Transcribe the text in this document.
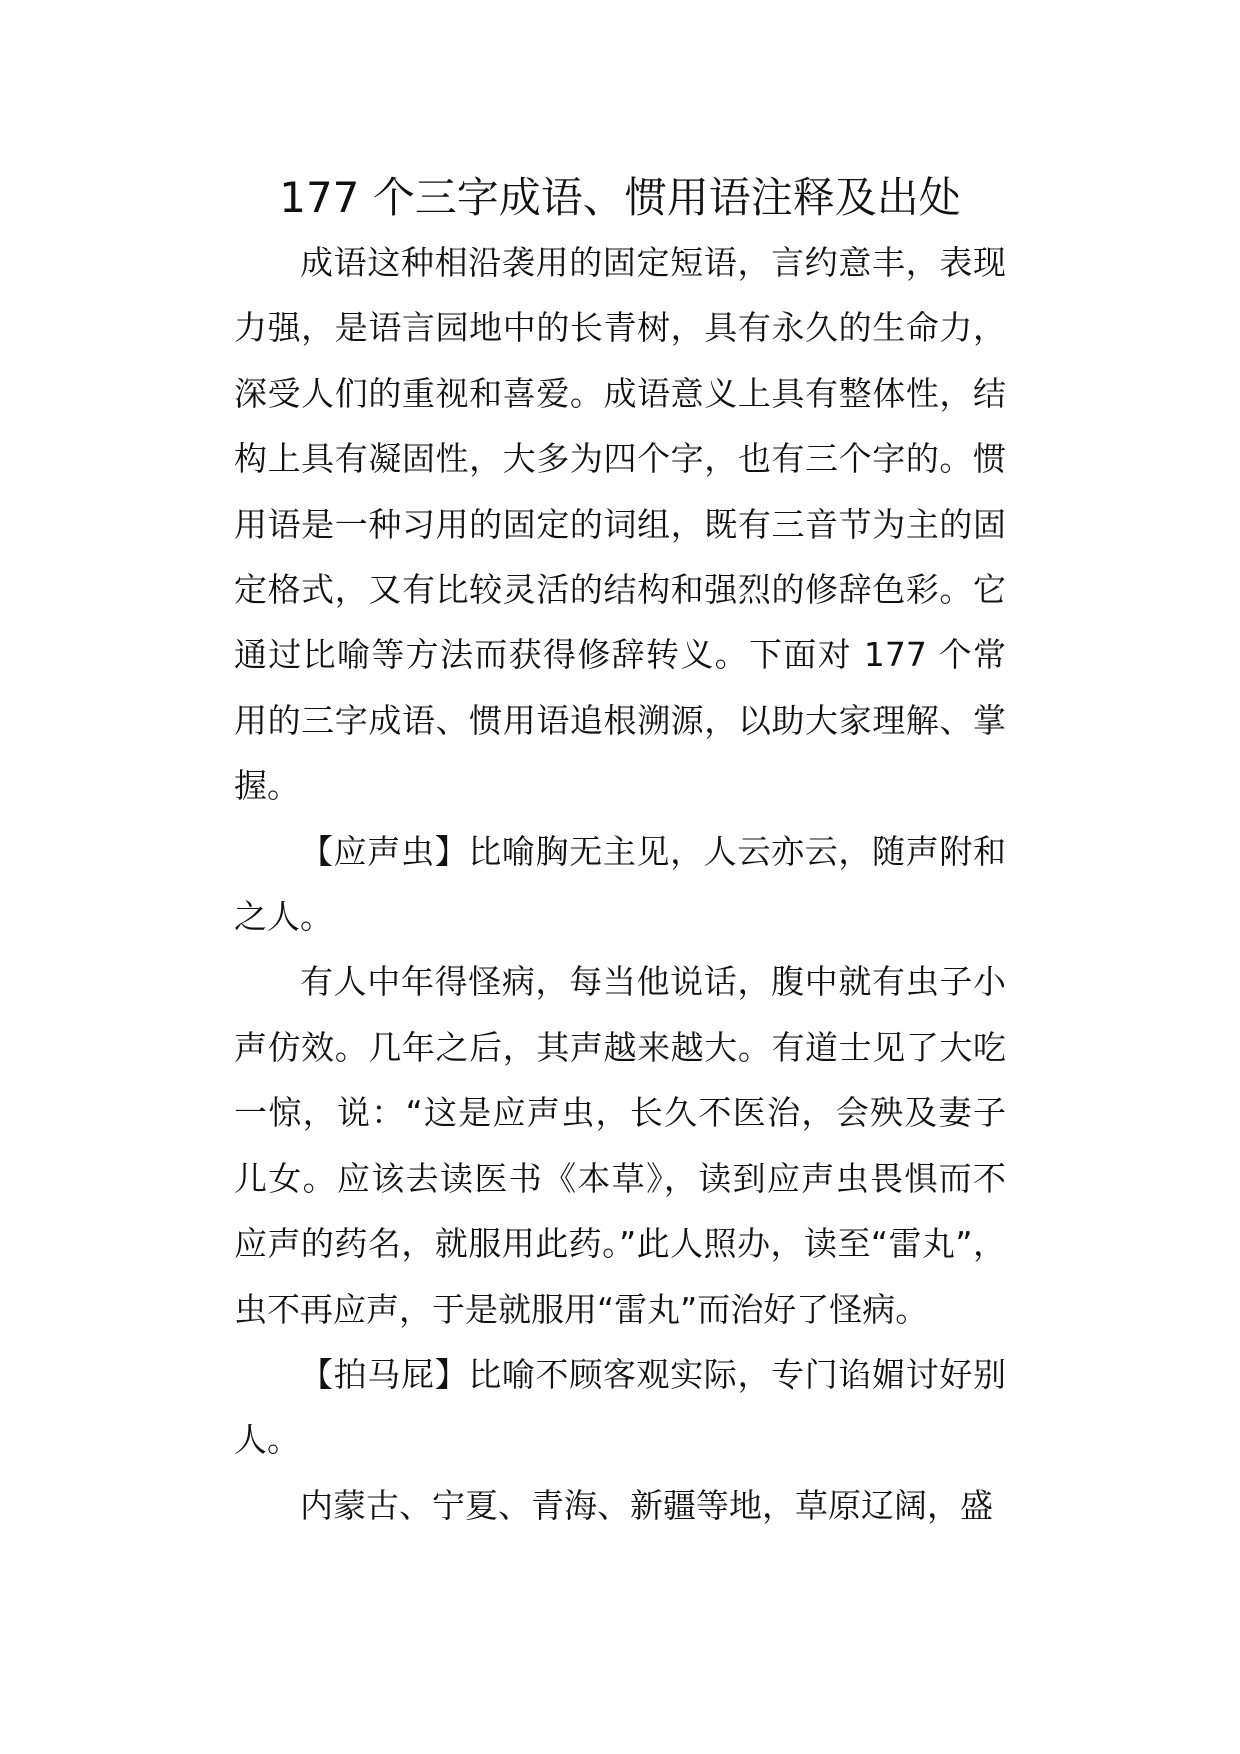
177 个三字成语、惯用语注释及出处

成语这种相沿袭用的固定短语，言约意丰，表现力强，是语言园地中的长青树，具有永久的生命力，深受人们的重视和喜爱。成语意义上具有整体性，结构上具有凝固性，大多为四个字，也有三个字的。惯用语是一种习用的固定的词组，既有三音节为主的固定格式，又有比较灵活的结构和强烈的修辞色彩。它通过比喻等方法而获得修辞转义。下面对 177 个常用的三字成语、惯用语追根溯源，以助大家理解、掌握。

【应声虫】比喻胸无主见，人云亦云，随声附和之人。

有人中年得怪病，每当他说话，腹中就有虫子小声仿效。几年之后，其声越来越大。有道士见了大吃一惊，说：“这是应声虫，长久不医治，会殃及妻子儿女。应该去读医书《本草》，读到应声虫畏惧而不应声的药名，就服用此药。”此人照办，读至“雷丸”，虫不再应声，于是就服用“雷丸”而治好了怪病。

【拍马屁】比喻不顾客观实际，专门谄媚讨好别人。

内蒙古、宁夏、青海、新疆等地，草原辽阔，盛
